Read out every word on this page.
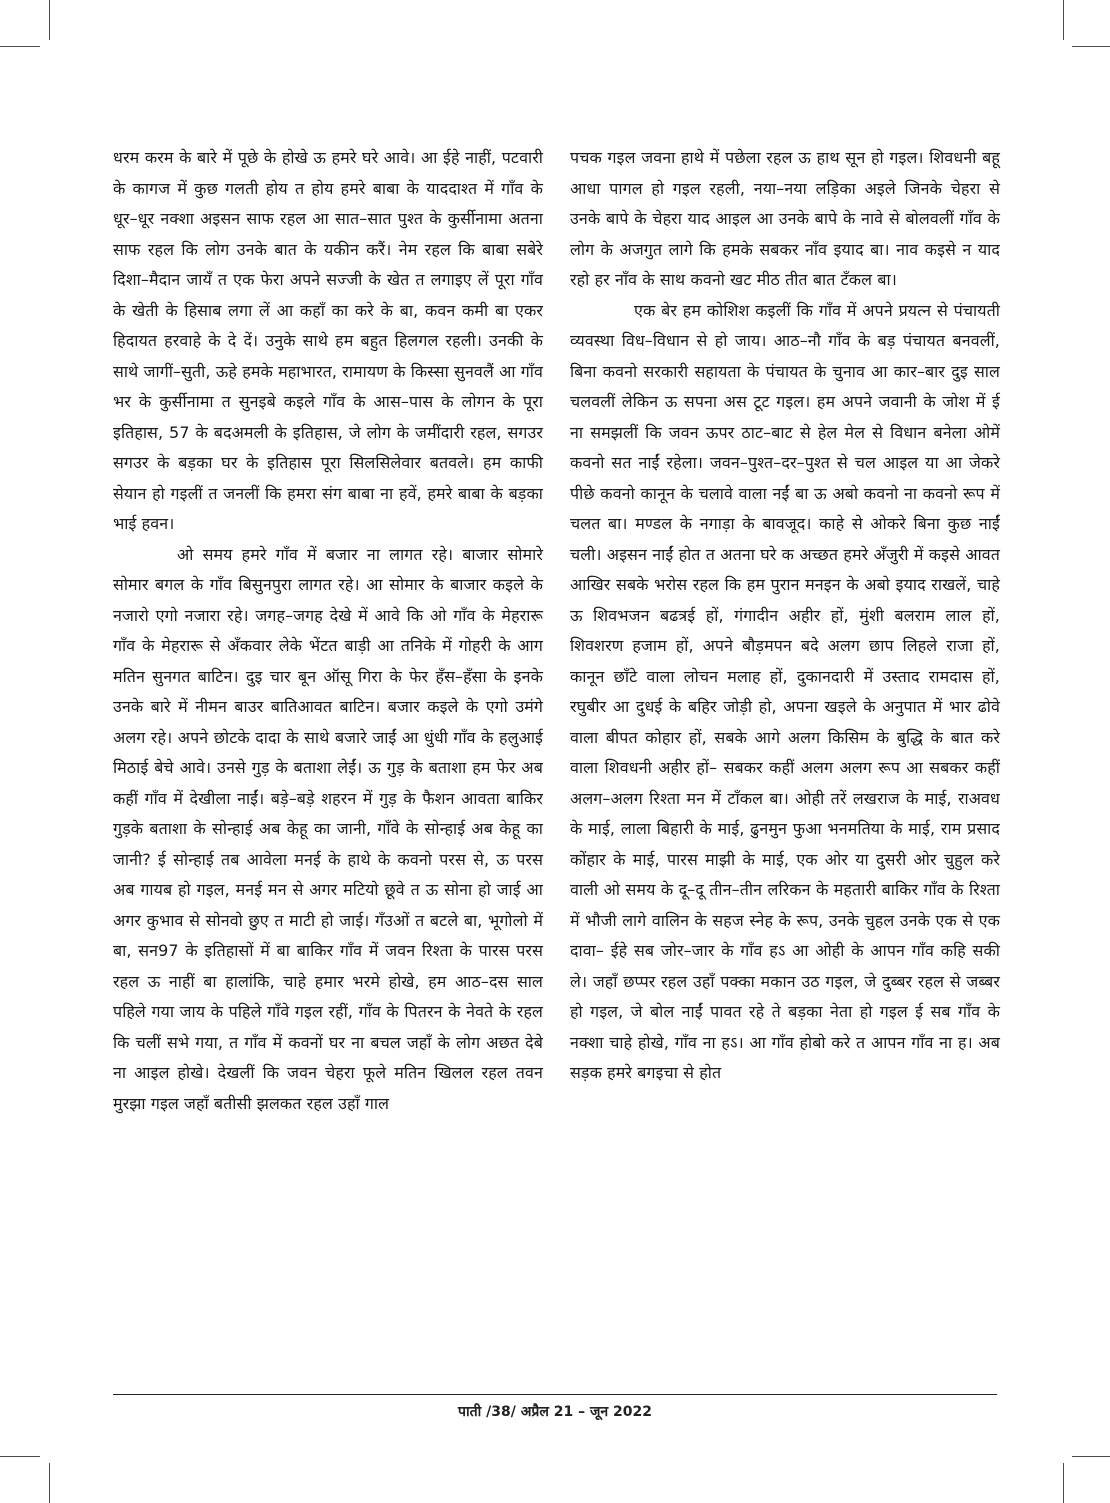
धरम करम के बारे में पूछे के होखे ऊ हमरे घरे आवे। आ ईहे नाहीं, पटवारी के कागज में कुछ गलती होय त होय हमरे बाबा के याददाश्त में गाँव के धूर–धूर नक्शा अइसन साफ रहल आ सात–सात पुश्त के कुर्सीनामा अतना साफ रहल कि लोग उनके बात के यकीन करैं। नेम रहल कि बाबा सबेरे दिशा–मैदान जायँ त एक फेरा अपने सज्जी के खेत त लगाइए लें पूरा गाँव के खेती के हिसाब लगा लें आ कहाँ का करे के बा, कवन कमी बा एकर हिदायत हरवाहे के दे दें। उनुके साथे हम बहुत हिलगल रहली। उनकी के साथे जागीं–सुती, ऊहे हमके महाभारत, रामायण के किस्सा सुनवलैं आ गाँव भर के कुर्सीनामा त सुनइबे कइले गाँव के आस–पास के लोगन के पूरा इतिहास, 57 के बदअमली के इतिहास, जे लोग के जमींदारी रहल, सगउर सगउर के बड़का घर के इतिहास पूरा सिलसिलेवार बतवले। हम काफी सेयान हो गइलीं त जनलीं कि हमरा संग बाबा ना हवें, हमरे बाबा के बड़का भाई हवन।

ओ समय हमरे गाँव में बजार ना लागत रहे। बाजार सोमारे सोमार बगल के गाँव बिसुनपुरा लागत रहे। आ सोमार के बाजार कइले के नजारो एगो नजारा रहे। जगह–जगह देखे में आवे कि ओ गाँव के मेहरारू गाँव के मेहरारू से अँकवार लेके भेंटत बाड़ी आ तनिके में गोहरी के आग मतिन सुनगत बाटिन। दुइ चार बून ऑसू गिरा के फेर हँस–हँसा के इनके उनके बारे में नीमन बाउर बातिआवत बाटिन। बजार कइले के एगो उमंगे अलग रहे। अपने छोटके दादा के साथे बजारे जाईं आ धुंधी गाँव के हलुआई मिठाई बेचे आवे। उनसे गुड़ के बताशा लेईं। ऊ गुड़ के बताशा हम फेर अब कहीं गाँव में देखीला नाईं। बड़े–बड़े शहरन में गुड़ के फैशन आवता बाकिर गुड़के बताशा के सोन्हाई अब केहू का जानी, गाँवे के सोन्हाई अब केहू का जानी? ई सोन्हाई तब आवेला मनई के हाथे के कवनो परस से, ऊ परस अब गायब हो गइल, मनई मन से अगर मटियो छूवे त ऊ सोना हो जाई आ अगर कुभाव से सोनवो छुए त माटी हो जाई। गँउओं त बटले बा, भूगोलो में बा, सन97 के इतिहासों में बा बाकिर गाँव में जवन रिश्ता के पारस परस रहल ऊ नाहीं बा हालांकि, चाहे हमार भरमे होखे, हम आठ–दस साल पहिले गया जाय के पहिले गाँवे गइल रहीं, गाँव के पितरन के नेवते के रहल कि चलीं सभे गया, त गाँव में कवनों घर ना बचल जहाँ के लोग अछत देबे ना आइल होखे। देखलीं कि जवन चेहरा फूले मतिन खिलल रहल तवन मुरझा गइल जहाँ बतीसी झलकत रहल उहाँ गाल

पचक गइल जवना हाथे में पछेला रहल ऊ हाथ सून हो गइल। शिवधनी बहू आधा पागल हो गइल रहली, नया–नया लड़िका अइले जिनके चेहरा से उनके बापे के चेहरा याद आइल आ उनके बापे के नावे से बोलवलीं गाँव के लोग के अजगुत लागे कि हमके सबकर नाँव इयाद बा। नाव कइसे न याद रहो हर नाँव के साथ कवनो खट मीठ तीत बात टँकल बा।

एक बेर हम कोशिश कइलीं कि गाँव में अपने प्रयत्न से पंचायती व्यवस्था विध–विधान से हो जाय। आठ–नौ गाँव के बड़ पंचायत बनवलीं, बिना कवनो सरकारी सहायता के पंचायत के चुनाव आ कार–बार दुइ साल चलवलीं लेकिन ऊ सपना अस टूट गइल। हम अपने जवानी के जोश में ई ना समझलीं कि जवन ऊपर ठाट–बाट से हेल मेल से विधान बनेला ओमें कवनो सत नाईं रहेला। जवन–पुश्त–दर–पुश्त से चल आइल या आ जेकरे पीछे कवनो कानून के चलावे वाला नईं बा ऊ अबो कवनो ना कवनो रूप में चलत बा। मण्डल के नगाड़ा के बावजूद। काहे से ओकरे बिना कुछ नाईं चली। अइसन नाईं होत त अतना घरे क अच्छत हमरे अँजुरी में कइसे आवत आखिर सबके भरोस रहल कि हम पुरान मनइन के अबो इयाद राखलें, चाहे ऊ शिवभजन बढत्रई हों, गंगादीन अहीर हों, मुंशी बलराम लाल हों, शिवशरण हजाम हों, अपने बौड़मपन बदे अलग छाप लिहले राजा हों, कानून छाँटे वाला लोचन मलाह हों, दुकानदारी में उस्ताद रामदास हों, रघुबीर आ दुधई के बहिर जोड़ी हो, अपना खइले के अनुपात में भार ढोवे वाला बीपत कोहार हों, सबके आगे अलग किसिम के बुद्धि के बात करे वाला शिवधनी अहीर हों– सबकर कहीं अलग अलग रूप आ सबकर कहीं अलग–अलग रिश्ता मन में टाँकल बा। ओही तरें लखराज के माई, राअवध के माई, लाला बिहारी के माई, ढुनमुन फुआ भनमतिया के माई, राम प्रसाद कोंहार के माई, पारस माझी के माई, एक ओर या दुसरी ओर चुहुल करे वाली ओ समय के दू–दू तीन–तीन लरिकन के महतारी बाकिर गाँव के रिश्ता में भौजी लागे वालिन के सहज स्नेह के रूप, उनके चुहल उनके एक से एक दावा– ईहे सब जोर–जार के गाँव हऽ आ ओही के आपन गाँव कहि सकी ले। जहाँ छप्पर रहल उहाँ पक्का मकान उठ गइल, जे दुब्बर रहल से जब्बर हो गइल, जे बोल नाईं पावत रहे ते बड़का नेता हो गइल ई सब गाँव के नक्शा चाहे होखे, गाँव ना हऽ। आ गाँव होबो करे त आपन गाँव ना ह। अब सड़क हमरे बगइचा से होत

पाती /38/ अप्रैल 21 – जून 2022
